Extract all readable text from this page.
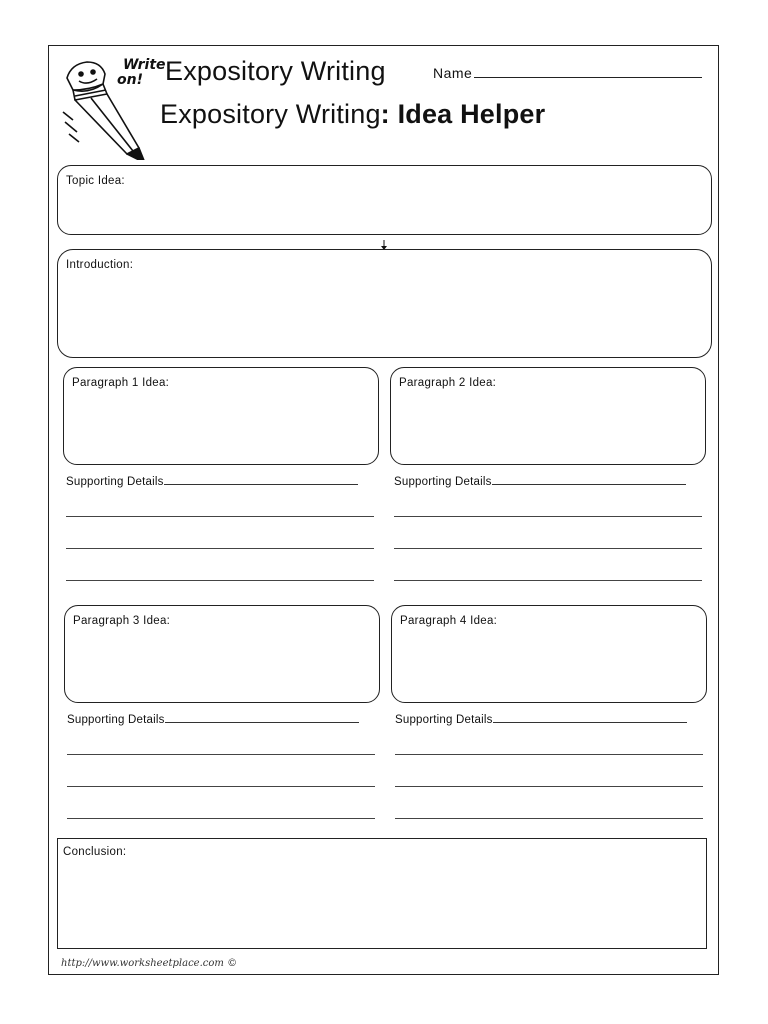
Write
on! Expository Writing
Expository Writing: Idea Helper
Name
Topic Idea:
Introduction:
Paragraph 1 Idea:
Supporting Details
Paragraph 2 Idea:
Supporting Details
Paragraph 3 Idea:
Supporting Details
Paragraph 4 Idea:
Supporting Details
Conclusion:
http://www.worksheetplace.com ©
